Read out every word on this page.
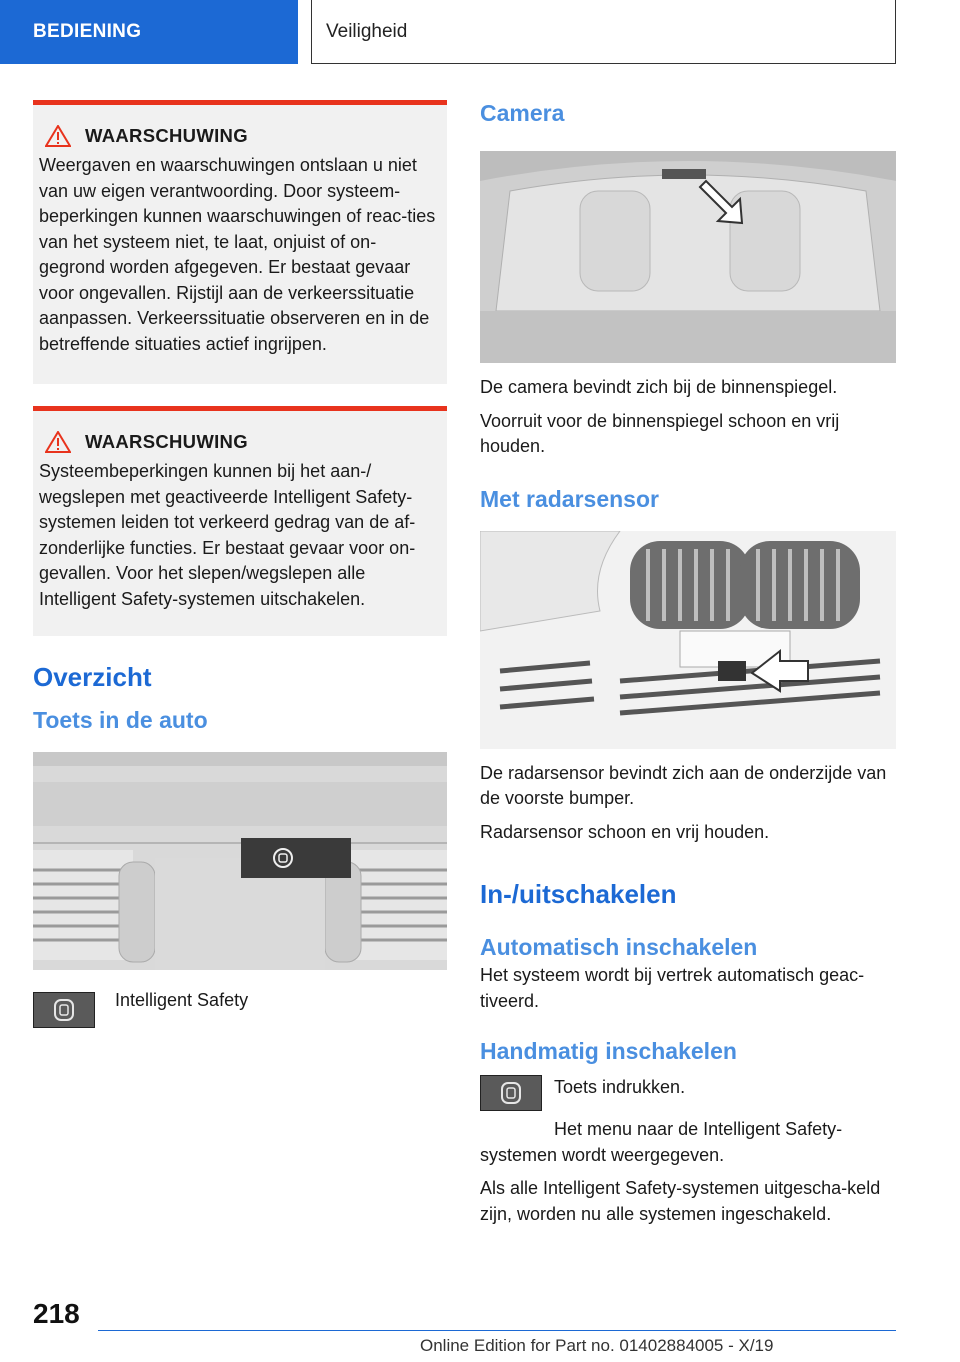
BEDIENING	Veiligheid
WAARSCHUWING
Weergaven en waarschuwingen ontslaan u niet van uw eigen verantwoording. Door systeem-beperkingen kunnen waarschuwingen of reac-ties van het systeem niet, te laat, onjuist of on-gegrond worden afgegeven. Er bestaat gevaar voor ongevallen. Rijstijl aan de verkeerssituatie aanpassen. Verkeerssituatie observeren en in de betreffende situaties actief ingrijpen.
WAARSCHUWING
Systeembeperkingen kunnen bij het aan-/ wegslepen met geactiveerde Intelligent Safety-systemen leiden tot verkeerd gedrag van de af-zonderlijke functies. Er bestaat gevaar voor on-gevallen. Voor het slepen/wegslepen alle Intelligent Safety-systemen uitschakelen.
Overzicht
Toets in de auto

Intelligent Safety

Camera

De camera bevindt zich bij de binnenspiegel.

Voorruit voor de binnenspiegel schoon en vrij houden.

Met radarsensor

De radarsensor bevindt zich aan de onderzijde van de voorste bumper.

Radarsensor schoon en vrij houden.

In-/uitschakelen
Automatisch inschakelen

Het systeem wordt bij vertrek automatisch geac-tiveerd.

Handmatig inschakelen

Toets indrukken.

Het menu naar de Intelligent Safety-systemen wordt weergegeven.

Als alle Intelligent Safety-systemen uitgescha-keld zijn, worden nu alle systemen ingeschakeld.

218
Online Edition for Part no. 01402884005 - X/19
